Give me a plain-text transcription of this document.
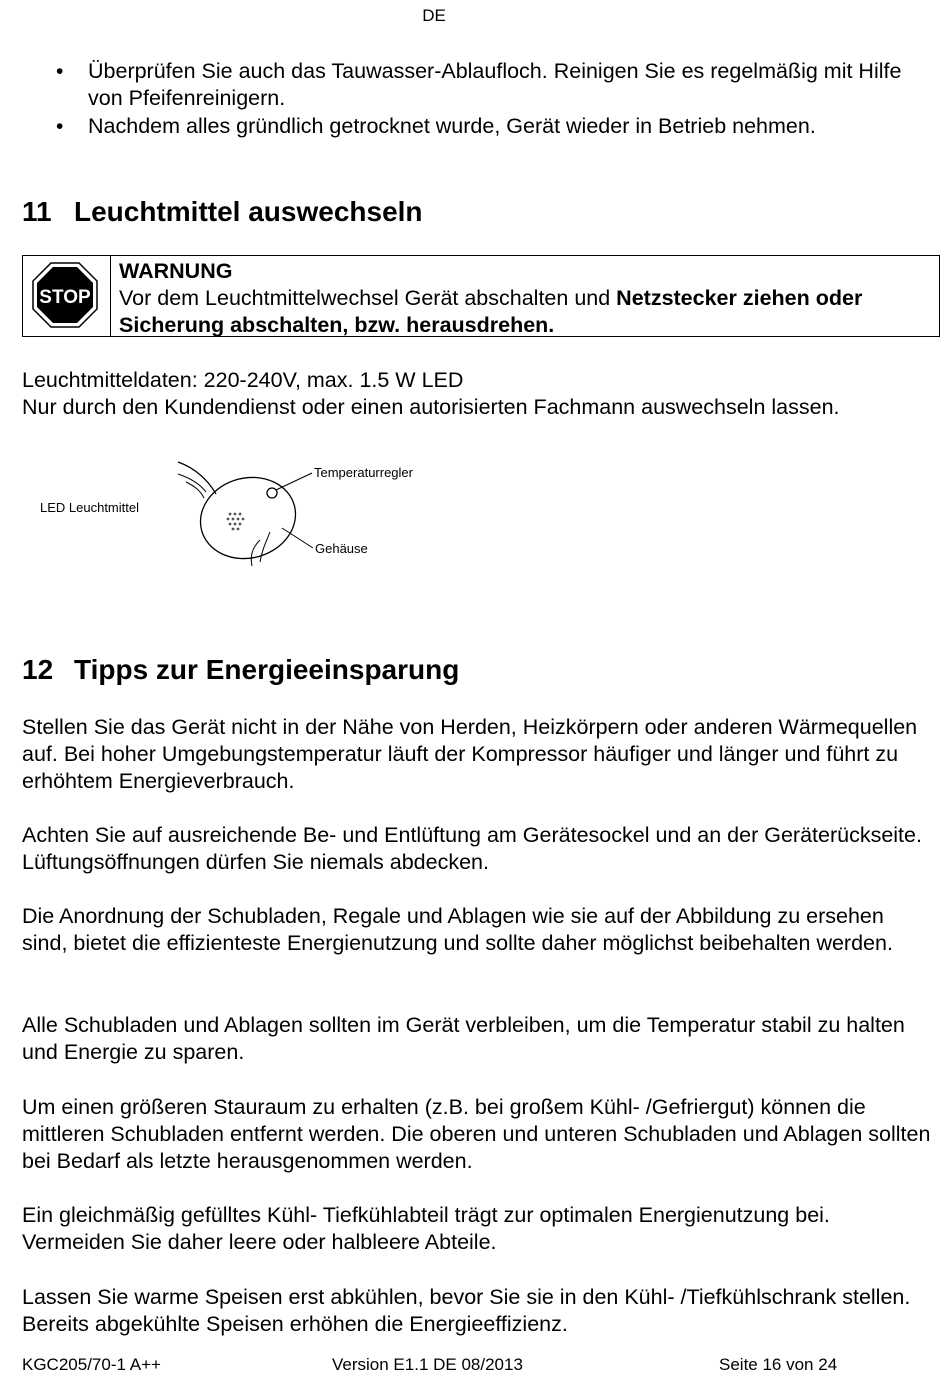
DE
• Überprüfen Sie auch das Tauwasser-Ablaufloch. Reinigen Sie es regelmäßig mit Hilfe von Pfeifenreinigern.
• Nachdem alles gründlich getrocknet wurde, Gerät wieder in Betrieb nehmen.
11 Leuchtmittel auswechseln
STOP
WARNUNG
Vor dem Leuchtmittelwechsel Gerät abschalten und Netzstecker ziehen oder Sicherung abschalten, bzw. herausdrehen.
Leuchtmitteldaten: 220-240V, max. 1.5 W LED
Nur durch den Kundendienst oder einen autorisierten Fachmann auswechseln lassen.
LED Leuchtmittel
Temperaturregler
Gehäuse
12 Tipps zur Energieeinsparung
Stellen Sie das Gerät nicht in der Nähe von Herden, Heizkörpern oder anderen Wärmequellen auf. Bei hoher Umgebungstemperatur läuft der Kompressor häufiger und länger und führt zu erhöhtem Energieverbrauch.
Achten Sie auf ausreichende Be- und Entlüftung am Gerätesockel und an der Geräterückseite. Lüftungsöffnungen dürfen Sie niemals abdecken.
Die Anordnung der Schubladen, Regale und Ablagen wie sie auf der Abbildung zu ersehen sind, bietet die effizienteste Energienutzung und sollte daher möglichst beibehalten werden.
Alle Schubladen und Ablagen sollten im Gerät verbleiben, um die Temperatur stabil zu halten und Energie zu sparen.
Um einen größeren Stauraum zu erhalten (z.B. bei großem Kühl- /Gefriergut) können die mittleren Schubladen entfernt werden. Die oberen und unteren Schubladen und Ablagen sollten bei Bedarf als letzte herausgenommen werden.
Ein gleichmäßig gefülltes Kühl- Tiefkühlabteil trägt zur optimalen Energienutzung bei. Vermeiden Sie daher leere oder halbleere Abteile.
Lassen Sie warme Speisen erst abkühlen, bevor Sie sie in den Kühl- /Tiefkühlschrank stellen. Bereits abgekühlte Speisen erhöhen die Energieeffizienz.
KGC205/70-1 A++	Version E1.1 DE 08/2013	Seite 16 von 24
